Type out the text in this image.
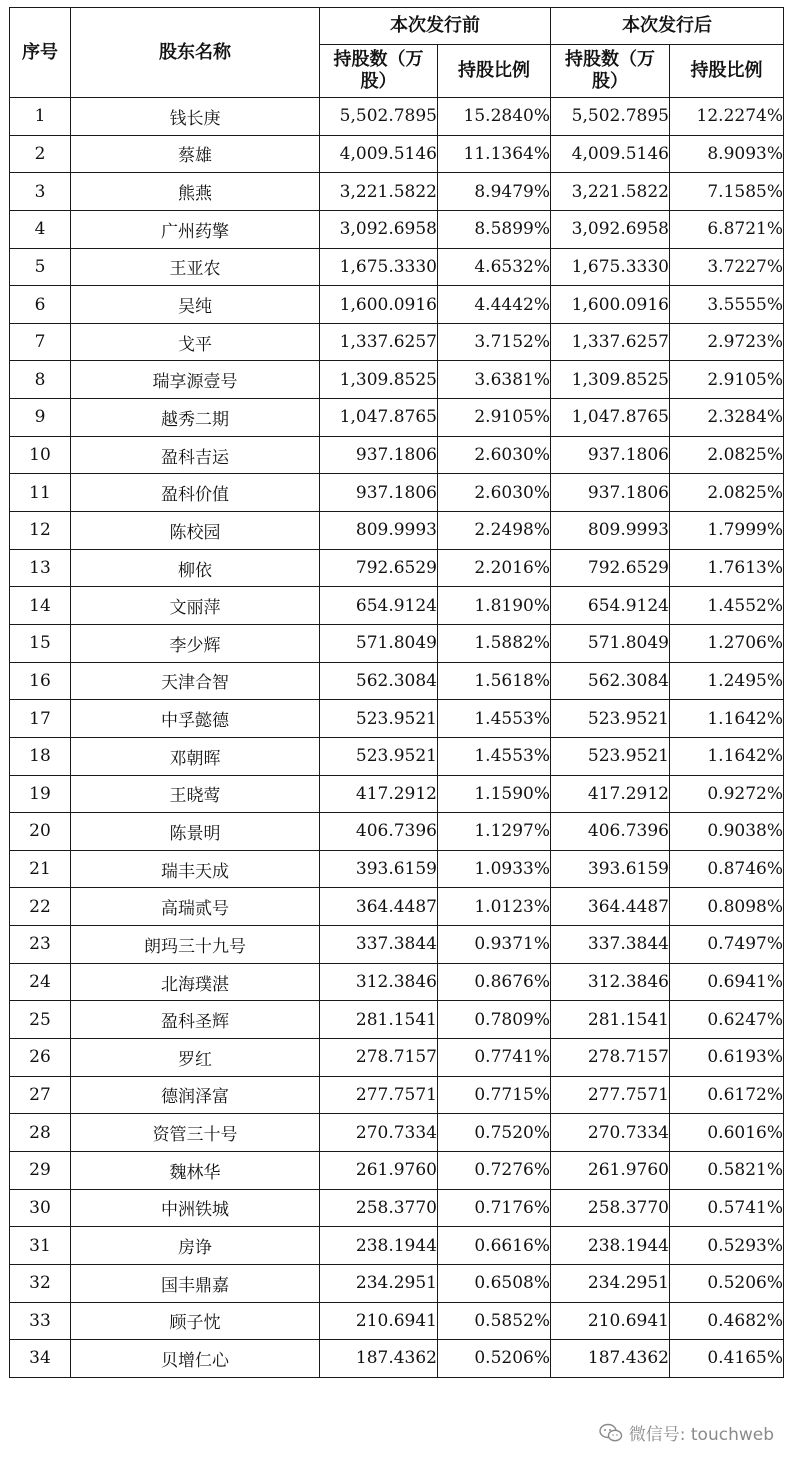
序号	股东名称	本次发行前		本次发行后	

		持股数（万股）	持股比例	持股数（万股）	持股比例
1	钱长庚	5,502.7895	15.2840%	5,502.7895	12.2274%
2	蔡雄	4,009.5146	11.1364%	4,009.5146	8.9093%
3	熊燕	3,221.5822	8.9479%	3,221.5822	7.1585%
4	广州药擎	3,092.6958	8.5899%	3,092.6958	6.8721%
5	王亚农	1,675.3330	4.6532%	1,675.3330	3.7227%
6	吴纯	1,600.0916	4.4442%	1,600.0916	3.5555%
7	戈平	1,337.6257	3.7152%	1,337.6257	2.9723%
8	瑞享源壹号	1,309.8525	3.6381%	1,309.8525	2.9105%
9	越秀二期	1,047.8765	2.9105%	1,047.8765	2.3284%
10	盈科吉运	937.1806	2.6030%	937.1806	2.0825%
11	盈科价值	937.1806	2.6030%	937.1806	2.0825%
12	陈校园	809.9993	2.2498%	809.9993	1.7999%
13	柳依	792.6529	2.2016%	792.6529	1.7613%
14	文丽萍	654.9124	1.8190%	654.9124	1.4552%
15	李少辉	571.8049	1.5882%	571.8049	1.2706%
16	天津合智	562.3084	1.5618%	562.3084	1.2495%
17	中孚懿德	523.9521	1.4553%	523.9521	1.1642%
18	邓朝晖	523.9521	1.4553%	523.9521	1.1642%
19	王晓莺	417.2912	1.1590%	417.2912	0.9272%
20	陈景明	406.7396	1.1297%	406.7396	0.9038%
21	瑞丰天成	393.6159	1.0933%	393.6159	0.8746%
22	高瑞贰号	364.4487	1.0123%	364.4487	0.8098%
23	朗玛三十九号	337.3844	0.9371%	337.3844	0.7497%
24	北海璞湛	312.3846	0.8676%	312.3846	0.6941%
25	盈科圣辉	281.1541	0.7809%	281.1541	0.6247%
26	罗红	278.7157	0.7741%	278.7157	0.6193%
27	德润泽富	277.7571	0.7715%	277.7571	0.6172%
28	资管三十号	270.7334	0.7520%	270.7334	0.6016%
29	魏林华	261.9760	0.7276%	261.9760	0.5821%
30	中洲铁城	258.3770	0.7176%	258.3770	0.5741%
31	房诤	238.1944	0.6616%	238.1944	0.5293%
32	国丰鼎嘉	234.2951	0.6508%	234.2951	0.5206%
33	顾子忱	210.6941	0.5852%	210.6941	0.4682%
34	贝增仁心	187.4362	0.5206%	187.4362	0.4165%
微信号: touchweb
